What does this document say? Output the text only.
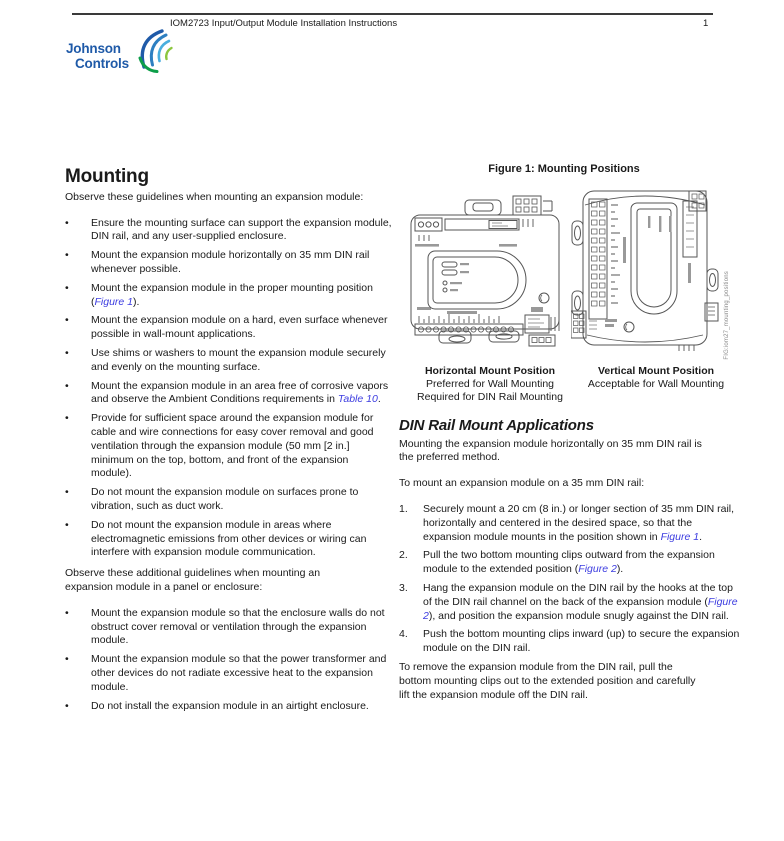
IOM2723 Input/Output Module Installation Instructions	1
Johnson
Controls
Mounting

Observe these guidelines when mounting an expansion module:

•	Ensure the mounting surface can support the expansion module, DIN rail, and any user-supplied enclosure.
•	Mount the expansion module horizontally on 35 mm DIN rail whenever possible.
•	Mount the expansion module in the proper mounting position (Figure 1).
•	Mount the expansion module on a hard, even surface whenever possible in wall-mount applications.
•	Use shims or washers to mount the expansion module securely and evenly on the mounting surface.
•	Mount the expansion module in an area free of corrosive vapors and observe the Ambient Conditions requirements in Table 10.
•	Provide for sufficient space around the expansion module for cable and wire connections for easy cover removal and good ventilation through the expansion module (50 mm [2 in.] minimum on the top, bottom, and front of the expansion module).
•	Do not mount the expansion module on surfaces prone to vibration, such as duct work.
•	Do not mount the expansion module in areas where electromagnetic emissions from other devices or wiring can interfere with expansion module communication.

Observe these additional guidelines when mounting an expansion module in a panel or enclosure:

•	Mount the expansion module so that the enclosure walls do not obstruct cover removal or ventilation through the expansion module.
•	Mount the expansion module so that the power transformer and other devices do not radiate excessive heat to the expansion module.
•	Do not install the expansion module in an airtight enclosure.
Figure 1: Mounting Positions
FIG:iom27_mounting_positions
Horizontal Mount Position
Preferred for Wall Mounting
Required for DIN Rail Mounting
Vertical Mount Position
Acceptable for Wall Mounting
DIN Rail Mount Applications

Mounting the expansion module horizontally on 35 mm DIN rail is the preferred method.

To mount an expansion module on a 35 mm DIN rail:

1.	Securely mount a 20 cm (8 in.) or longer section of 35 mm DIN rail, horizontally and centered in the desired space, so that the expansion module mounts in the position shown in Figure 1.
2.	Pull the two bottom mounting clips outward from the expansion module to the extended position (Figure 2).
3.	Hang the expansion module on the DIN rail by the hooks at the top of the DIN rail channel on the back of the expansion module (Figure 2), and position the expansion module snugly against the DIN rail.
4.	Push the bottom mounting clips inward (up) to secure the expansion module on the DIN rail.

To remove the expansion module from the DIN rail, pull the bottom mounting clips out to the extended position and carefully lift the expansion module off the DIN rail.
